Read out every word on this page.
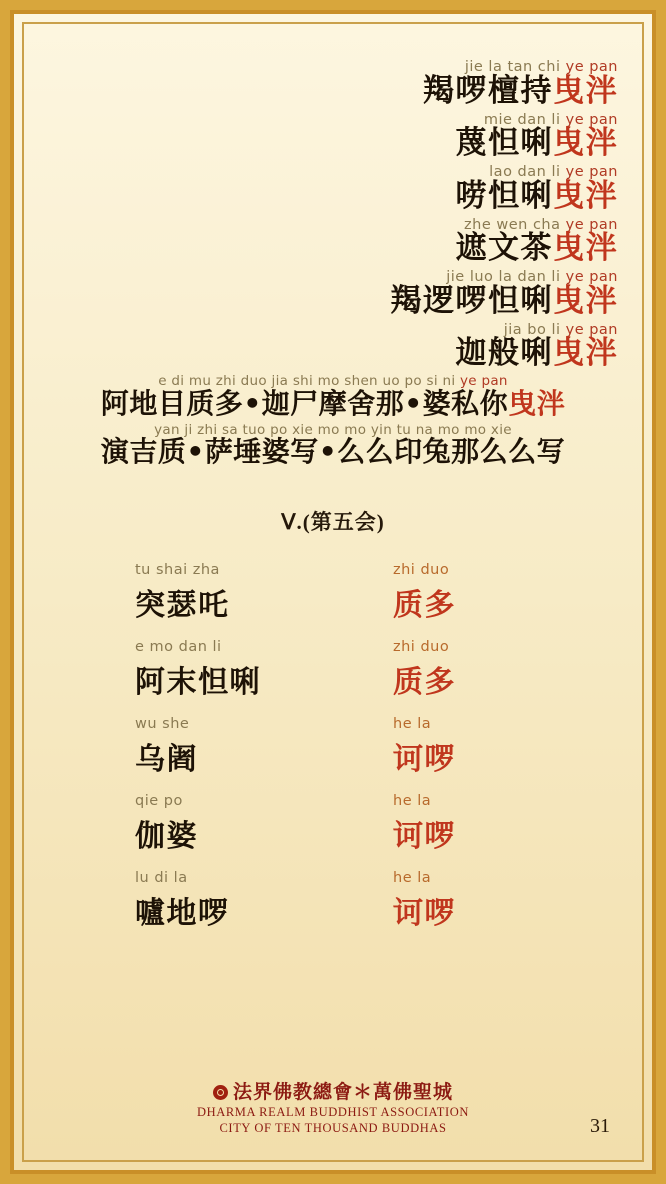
jie la tan chi ye pan
羯啰檀持曳泮
mie dan li ye pan
蔑怛唎曳泮
lao dan li ye pan
唠怛唎曳泮
zhe wen cha ye pan
遮文茶曳泮
jie luo la dan li ye pan
羯逻啰怛唎曳泮
jia bo li ye pan
迦般唎曳泮
e di mu zhi duo jia shi mo shen uo po si ni ye pan
阿地目质多•迦尸摩舍那•婆私你曳泮
yan ji zhi sa tuo po xie mo mo yin tu na mo mo xie
演吉质•萨埵婆写•么么印兔那么么写
Ⅴ.(第五会)
tu shai zha
突瑟吒

zhi duo
质多

e mo dan li
阿末怛唎

zhi duo
质多

wu she
乌阇

he la
诃啰

qie po
伽婆

he la
诃啰

lu di la
嚧地啰

he la
诃啰
法界佛教總會＊萬佛聖城
DHARMA REALM BUDDHIST ASSOCIATION
CITY OF TEN THOUSAND BUDDHAS	31
